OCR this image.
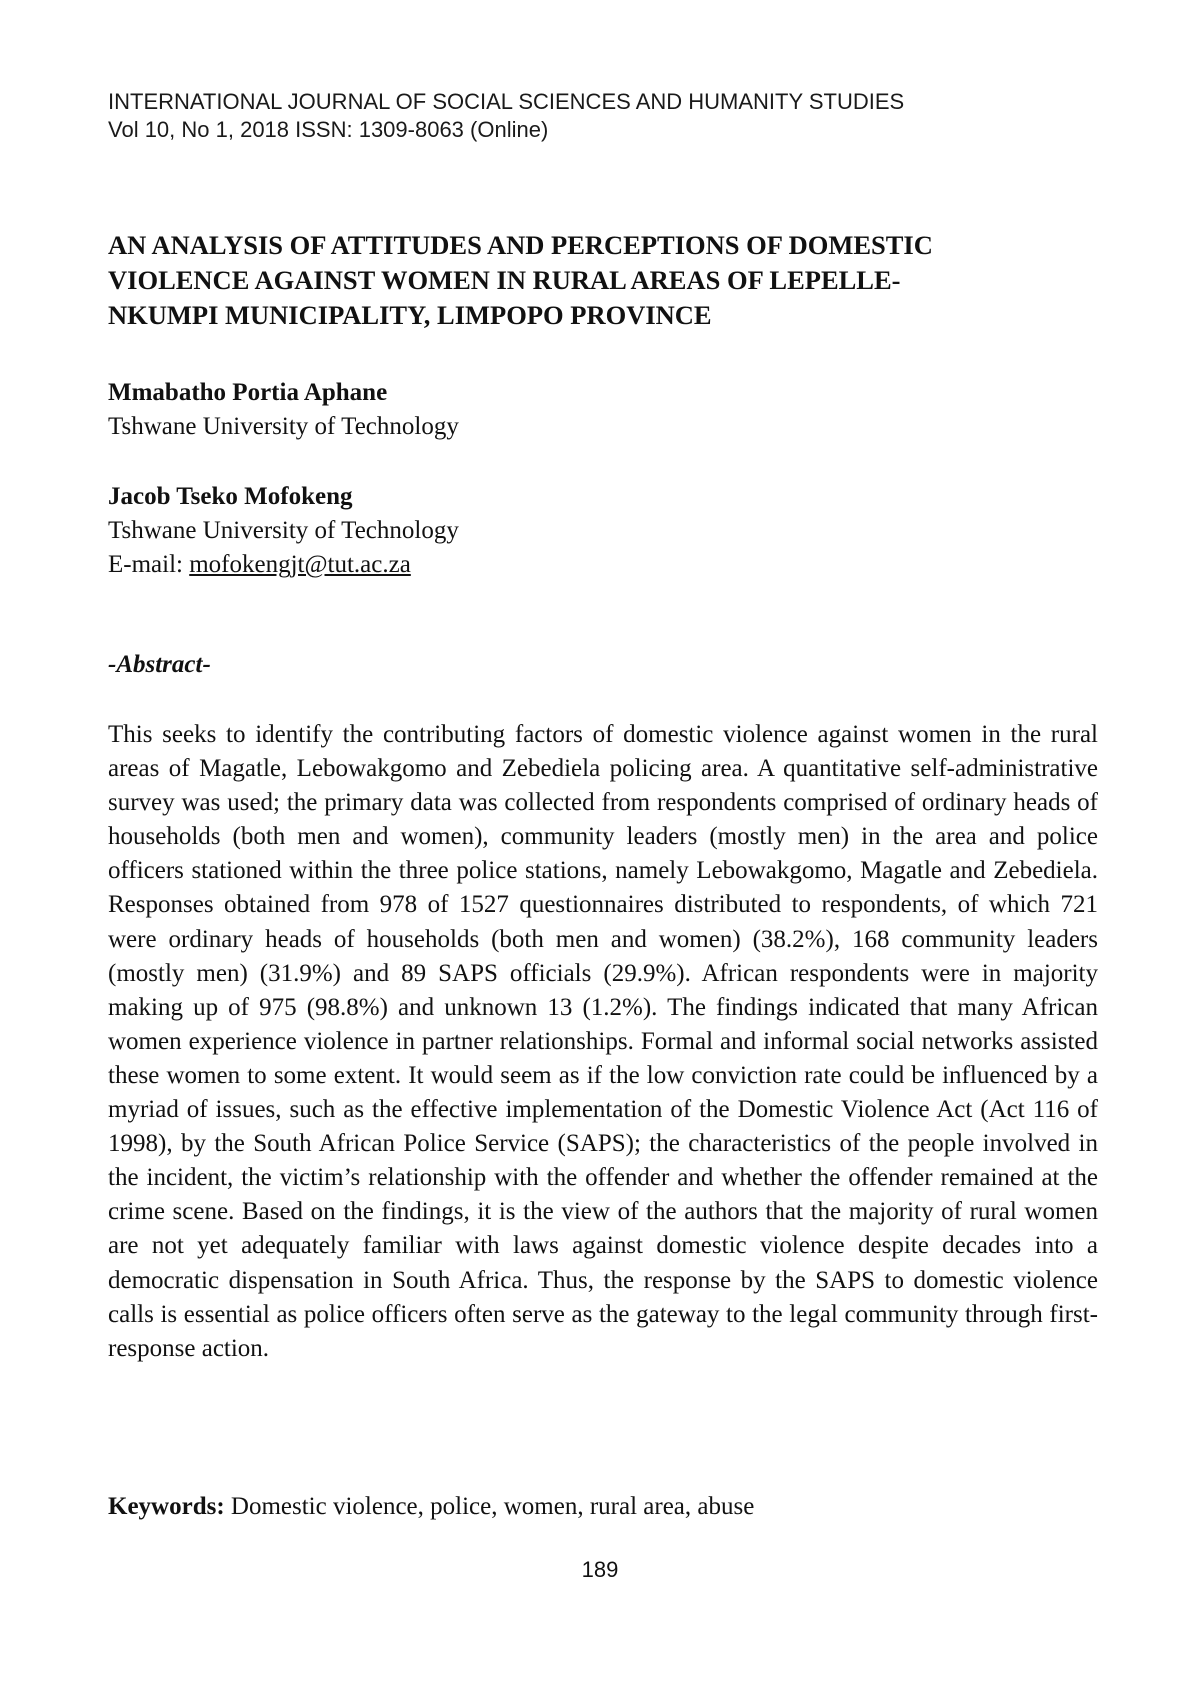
INTERNATIONAL JOURNAL OF SOCIAL SCIENCES AND HUMANITY STUDIES
Vol 10, No 1, 2018 ISSN: 1309-8063 (Online)
AN ANALYSIS OF ATTITUDES AND PERCEPTIONS OF DOMESTIC
VIOLENCE AGAINST WOMEN IN RURAL AREAS OF LEPELLE-
NKUMPI MUNICIPALITY, LIMPOPO PROVINCE
Mmabatho Portia Aphane
Tshwane University of Technology
Jacob Tseko Mofokeng
Tshwane University of Technology
E-mail: mofokengjt@tut.ac.za
-Abstract-

This seeks to identify the contributing factors of domestic violence against women in the rural areas of Magatle, Lebowakgomo and Zebediela policing area. A quantitative self-administrative survey was used; the primary data was collected from respondents comprised of ordinary heads of households (both men and women), community leaders (mostly men) in the area and police officers stationed within the three police stations, namely Lebowakgomo, Magatle and Zebediela. Responses obtained from 978 of 1527 questionnaires distributed to respondents, of which 721 were ordinary heads of households (both men and women) (38.2%), 168 community leaders (mostly men) (31.9%) and 89 SAPS officials (29.9%). African respondents were in majority making up of 975 (98.8%) and unknown 13 (1.2%). The findings indicated that many African women experience violence in partner relationships. Formal and informal social networks assisted these women to some extent. It would seem as if the low conviction rate could be influenced by a myriad of issues, such as the effective implementation of the Domestic Violence Act (Act 116 of 1998), by the South African Police Service (SAPS); the characteristics of the people involved in the incident, the victim’s relationship with the offender and whether the offender remained at the crime scene. Based on the findings, it is the view of the authors that the majority of rural women are not yet adequately familiar with laws against domestic violence despite decades into a democratic dispensation in South Africa. Thus, the response by the SAPS to domestic violence calls is essential as police officers often serve as the gateway to the legal community through first-response action.

Keywords: Domestic violence, police, women, rural area, abuse
189
